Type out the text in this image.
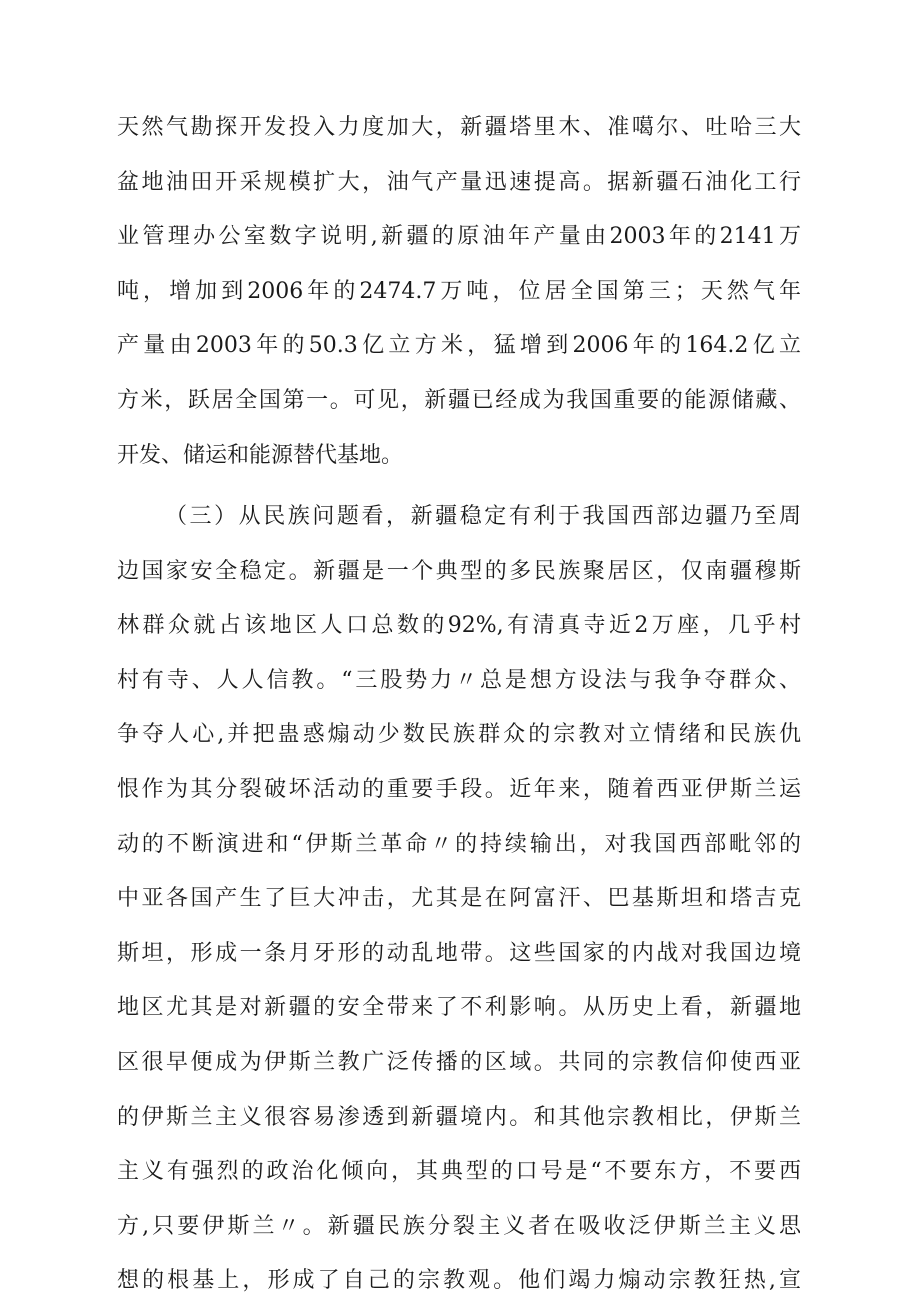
天然气勘探开发投入力度加大，新疆塔里木、准噶尔、吐哈三大
盆地油田开采规模扩大，油气产量迅速提高。据新疆石油化工行
业管理办公室数字说明,新疆的原油年产量由2003年的2141万
吨，增加到2006年的2474.7万吨，位居全国第三；天然气年
产量由2003年的50.3亿立方米，猛增到2006年的164.2亿立
方米，跃居全国第一。可见，新疆已经成为我国重要的能源储藏、
开发、储运和能源替代基地。
（三）从民族问题看，新疆稳定有利于我国西部边疆乃至周
边国家安全稳定。新疆是一个典型的多民族聚居区，仅南疆穆斯
林群众就占该地区人口总数的92%,有清真寺近2万座，几乎村
村有寺、人人信教。“三股势力〃总是想方设法与我争夺群众、
争夺人心,并把蛊惑煽动少数民族群众的宗教对立情绪和民族仇
恨作为其分裂破坏活动的重要手段。近年来，随着西亚伊斯兰运
动的不断演进和“伊斯兰革命〃的持续输出，对我国西部毗邻的
中亚各国产生了巨大冲击，尤其是在阿富汗、巴基斯坦和塔吉克
斯坦，形成一条月牙形的动乱地带。这些国家的内战对我国边境
地区尤其是对新疆的安全带来了不利影响。从历史上看，新疆地
区很早便成为伊斯兰教广泛传播的区域。共同的宗教信仰使西亚
的伊斯兰主义很容易渗透到新疆境内。和其他宗教相比，伊斯兰
主义有强烈的政治化倾向，其典型的口号是“不要东方，不要西
方,只要伊斯兰〃。新疆民族分裂主义者在吸收泛伊斯兰主义思
想的根基上，形成了自己的宗教观。他们竭力煽动宗教狂热,宣
